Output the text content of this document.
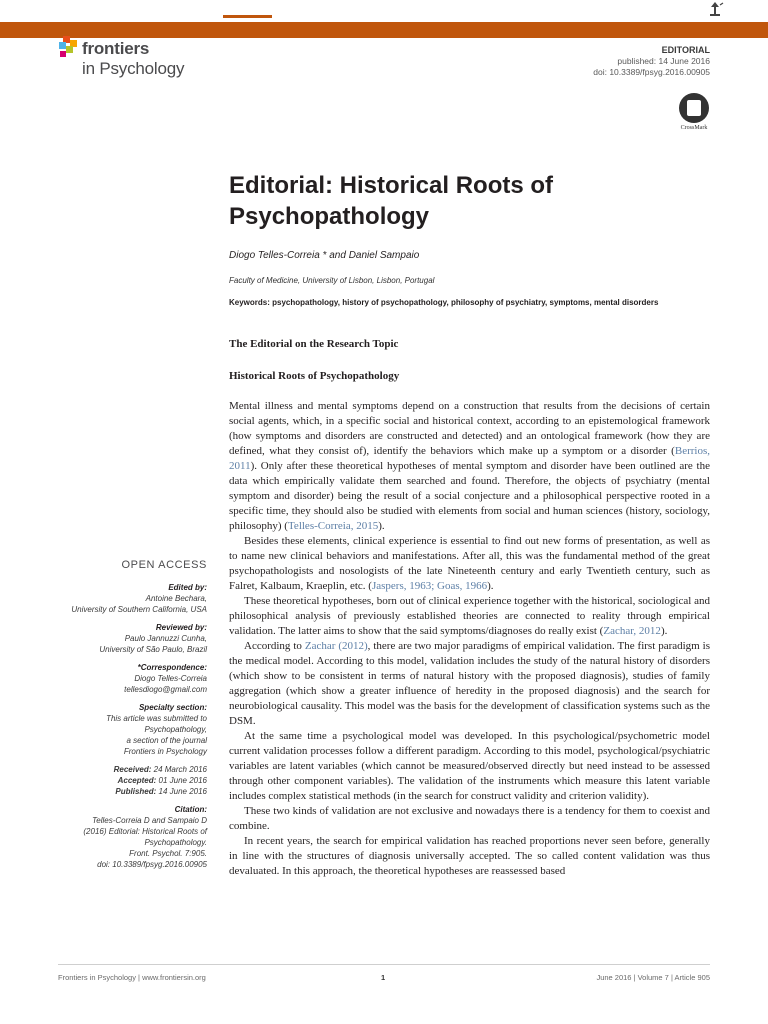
frontiers
in Psychology
EDITORIAL
published: 14 June 2016
doi: 10.3389/fpsyg.2016.00905
CrossMark
Editorial: Historical Roots of
Psychopathology
Diogo Telles-Correia * and Daniel Sampaio
Faculty of Medicine, University of Lisbon, Lisbon, Portugal
Keywords: psychopathology, history of psychopathology, philosophy of psychiatry, symptoms, mental disorders
The Editorial on the Research Topic
Historical Roots of Psychopathology

Mental illness and mental symptoms depend on a construction that results from the decisions of certain social agents, which, in a specific social and historical context, according to an epistemological framework (how symptoms and disorders are constructed and detected) and an ontological framework (how they are defined, what they consist of), identify the behaviors which make up a symptom or a disorder (Berrios, 2011). Only after these theoretical hypotheses of mental symptom and disorder have been outlined are the data which empirically validate them searched and found. Therefore, the objects of psychiatry (mental symptom and disorder) being the result of a social conjecture and a philosophical perspective rooted in a specific time, they should also be studied with elements from social and human sciences (history, sociology, philosophy) (Telles-Correia, 2015).

Besides these elements, clinical experience is essential to find out new forms of presentation, as well as to name new clinical behaviors and manifestations. After all, this was the fundamental method of the great psychopathologists and nosologists of the late Nineteenth century and early Twentieth century, such as Falret, Kalbaum, Kraeplin, etc. (Jaspers, 1963; Goas, 1966).

These theoretical hypotheses, born out of clinical experience together with the historical, sociological and philosophical analysis of previously established theories are connected to reality through empirical validation. The latter aims to show that the said symptoms/diagnoses do really exist (Zachar, 2012).

According to Zachar (2012), there are two major paradigms of empirical validation. The first paradigm is the medical model. According to this model, validation includes the study of the natural history of disorders (which show to be consistent in terms of natural history with the proposed diagnosis), studies of family aggregation (which show a greater influence of heredity in the proposed diagnosis) and the search for neurobiological causality. This model was the basis for the development of classification systems such as the DSM.

At the same time a psychological model was developed. In this psychological/psychometric model current validation processes follow a different paradigm. According to this model, psychological/psychiatric variables are latent variables (which cannot be measured/observed directly but need instead to be assessed through other component variables). The validation of the instruments which measure this latent variable includes complex statistical methods (in the search for construct validity and criterion validity).

These two kinds of validation are not exclusive and nowadays there is a tendency for them to coexist and combine.

In recent years, the search for empirical validation has reached proportions never seen before, generally in line with the structures of diagnosis universally accepted. The so called content validation was thus devaluated. In this approach, the theoretical hypotheses are reassessed based

OPEN ACCESS
Edited by:
Antoine Bechara,
University of Southern California, USA
Reviewed by:
Paulo Jannuzzi Cunha,
University of São Paulo, Brazil
*Correspondence:
Diogo Telles-Correia
tellesdiogo@gmail.com
Specialty section:
This article was submitted to
Psychopathology,
a section of the journal
Frontiers in Psychology
Received: 24 March 2016
Accepted: 01 June 2016
Published: 14 June 2016
Citation:
Telles-Correia D and Sampaio D
(2016) Editorial: Historical Roots of
Psychopathology.
Front. Psychol. 7:905.
doi: 10.3389/fpsyg.2016.00905
Frontiers in Psychology | www.frontiersin.org	1	June 2016 | Volume 7 | Article 905
